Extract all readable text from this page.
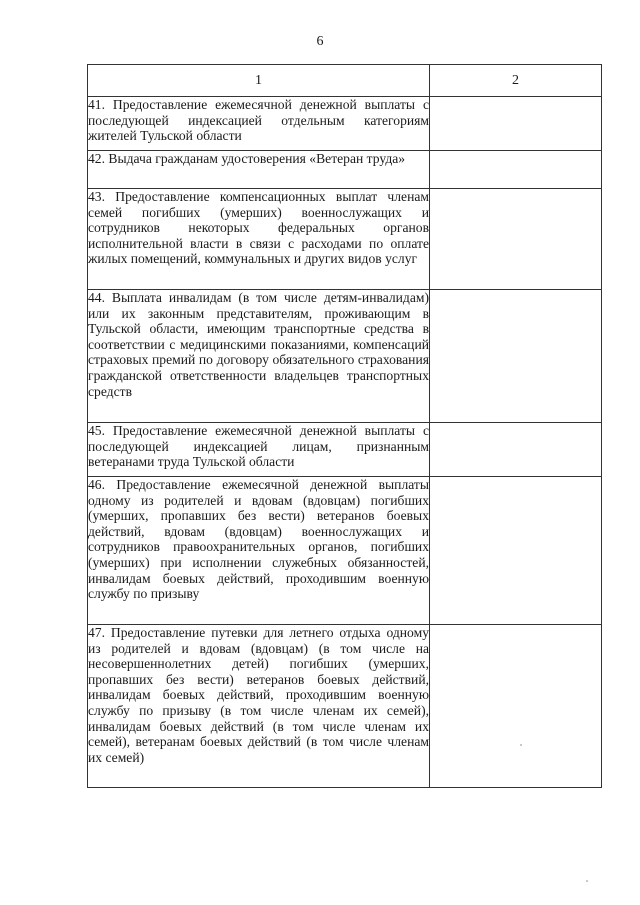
6
1	2
41. Предоставление ежемесячной денежной выплаты с последующей индексацией отдельным категориям жителей Тульской области	
42. Выдача гражданам удостоверения «Ветеран труда»	
43. Предоставление компенсационных выплат членам семей погибших (умерших) военнослужащих и сотрудников некоторых федеральных органов исполнительной власти в связи с расходами по оплате жилых помещений, коммунальных и других видов услуг	
44. Выплата инвалидам (в том числе детям-инвалидам) или их законным представителям, проживающим в Тульской области, имеющим транспортные средства в соответствии с медицинскими показаниями, компенсаций страховых премий по договору обязательного страхования гражданской ответственности владельцев транспортных средств	
45. Предоставление ежемесячной денежной выплаты с последующей индексацией лицам, признанным ветеранами труда Тульской области	
46. Предоставление ежемесячной денежной выплаты одному из родителей и вдовам (вдовцам) погибших (умерших, пропавших без вести) ветеранов боевых действий, вдовам (вдовцам) военнослужащих и сотрудников правоохранительных органов, погибших (умерших) при исполнении служебных обязанностей, инвалидам боевых действий, проходившим военную службу по призыву	
47. Предоставление путевки для летнего отдыха одному из родителей и вдовам (вдовцам) (в том числе на несовершеннолетних детей) погибших (умерших, пропавших без вести) ветеранов боевых действий, инвалидам боевых действий, проходившим военную службу по призыву (в том числе членам их семей), инвалидам боевых действий (в том числе членам их семей), ветеранам боевых действий (в том числе членам их семей)	
